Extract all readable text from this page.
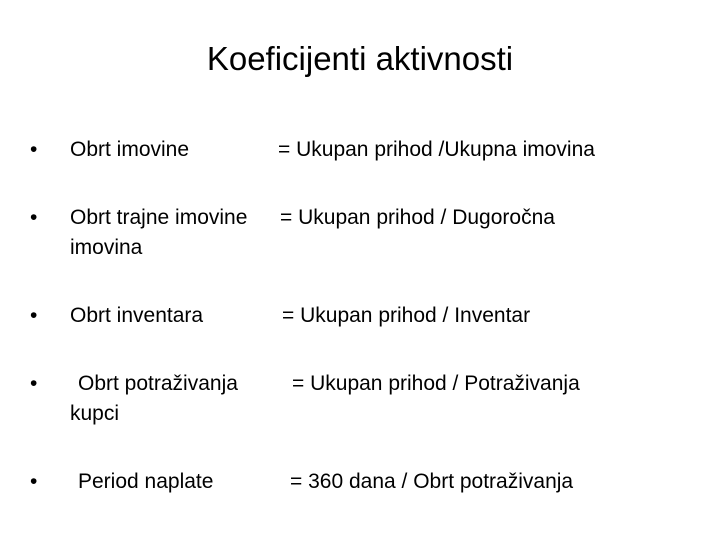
Koeficijenti aktivnosti
•	Obrt imovine	= Ukupan prihod /Ukupna imovina
•	Obrt trajne imovine = Ukupan prihod / Dugoročna
imovina
•	Obrt inventara	= Ukupan prihod / Inventar
•	Obrt potraživanja	= Ukupan prihod / Potraživanja
kupci
•	Period naplate	= 360 dana / Obrt potraživanja
